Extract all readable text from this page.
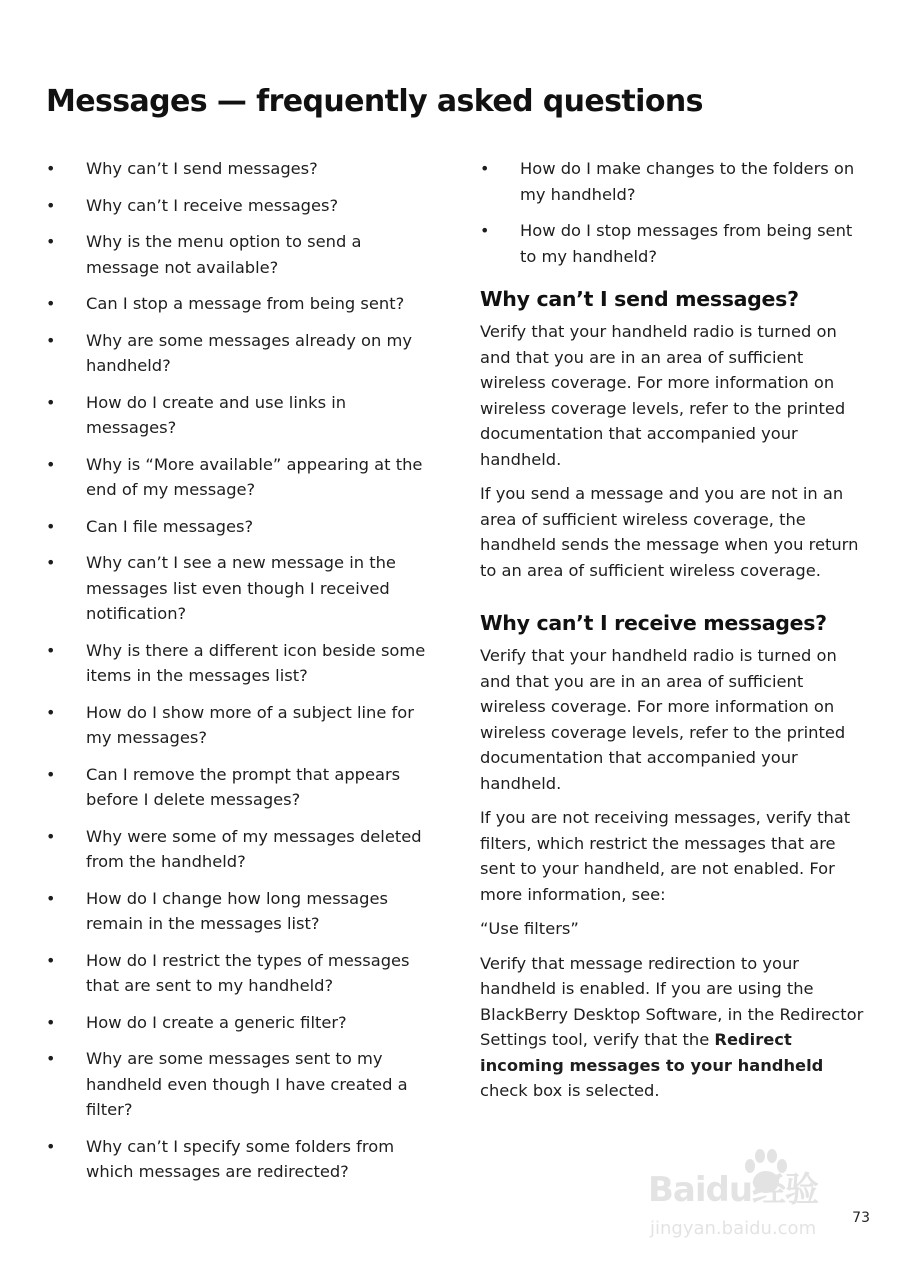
Messages — frequently asked questions
• Why can’t I send messages?
• Why can’t I receive messages?
• Why is the menu option to send a message not available?
• Can I stop a message from being sent?
• Why are some messages already on my handheld?
• How do I create and use links in messages?
• Why is “More available” appearing at the end of my message?
• Can I file messages?
• Why can’t I see a new message in the messages list even though I received notification?
• Why is there a different icon beside some items in the messages list?
• How do I show more of a subject line for my messages?
• Can I remove the prompt that appears before I delete messages?
• Why were some of my messages deleted from the handheld?
• How do I change how long messages remain in the messages list?
• How do I restrict the types of messages that are sent to my handheld?
• How do I create a generic filter?
• Why are some messages sent to my handheld even though I have created a filter?
• Why can’t I specify some folders from which messages are redirected?
• How do I make changes to the folders on my handheld?
• How do I stop messages from being sent to my handheld?
Why can’t I send messages?

Verify that your handheld radio is turned on and that you are in an area of sufficient wireless coverage. For more information on wireless coverage levels, refer to the printed documentation that accompanied your handheld.

If you send a message and you are not in an area of sufficient wireless coverage, the handheld sends the message when you return to an area of sufficient wireless coverage.

Why can’t I receive messages?

Verify that your handheld radio is turned on and that you are in an area of sufficient wireless coverage. For more information on wireless coverage levels, refer to the printed documentation that accompanied your handheld.

If you are not receiving messages, verify that filters, which restrict the messages that are sent to your handheld, are not enabled. For more information, see:

“Use filters”

Verify that message redirection to your handheld is enabled. If you are using the BlackBerry Desktop Software, in the Redirector Settings tool, verify that the Redirect incoming messages to your handheld check box is selected.

Baidu经验
jingyan.baidu.com	73
